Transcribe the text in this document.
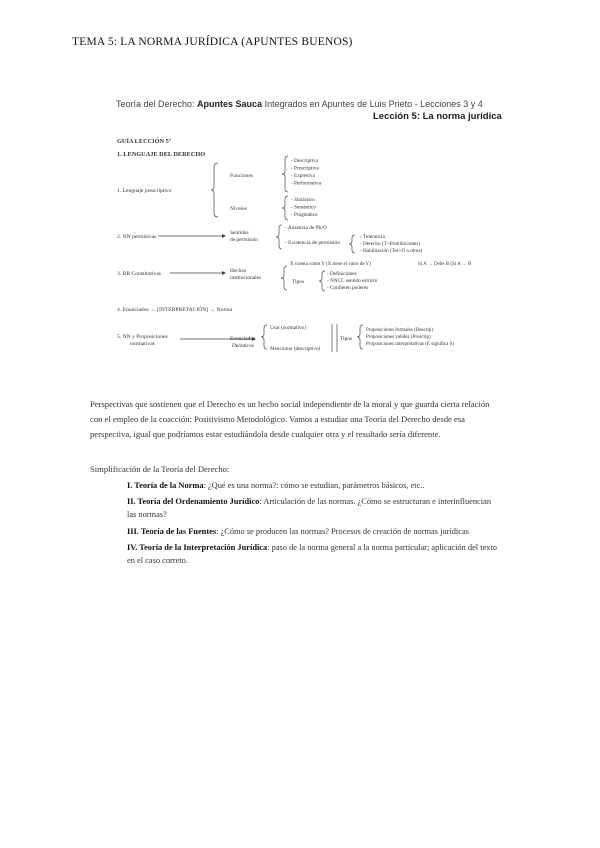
TEMA 5: LA NORMA JURÍDICA (APUNTES BUENOS)
Teoría del Derecho: Apuntes Sauca Integrados en Apuntes de Luis Prieto - Lecciones 3 y 4
Lección 5: La norma jurídica
GUÍA LECCIÓN 5ª
1. LENGUAJE DEL DERECHO
1. Lenguaje prescriptivo
Funciones
- Descriptiva
- Prescriptiva
- Expresiva
- Performativa
Niveles
- Sintáctico
- Semántico
- Pragmático
2. NN permisivas
Sentidos
de permisión
- Ausencia de Ph/O
- Existencia de permisión
- Tolerancia
- Derecho (T+Prohibiciones)
- Habilitación (Tol+O a otros)
3. RR Constitutivas	Hechos
institucionales
X cuenta como Y (X tiene el valor de Y)	Si A → Debe B (Si A → B
Tipos
- Definiciones
- NNCC sentido estricto
- Confieren poderes
4. Enunciados → [INTERPRETACIÓN] → Norma
5. NN y Proposiciones
normativas
Enunciados
Deónticos
Usar (normativo)
Mencionar (descriptivo)
Tipos
Proposiciones formales (Descrip)
Proposiciones validez (Prescrip)
Proposiciones interpretativas (E significa S)
Perspectivas que sostienen que el Derecho es un hecho social independiente de la moral y que guarda cierta relación con el empleo de la coacción: Positivismo Metodológico. Vamos a estudiar una Teoría del Derecho desde esa perspectiva, igual que podríamos estar estudiándola desde cualquier otra y el resultado sería diferente.
Simplificación de la Teoría del Derecho:
I. Teoría de la Norma: ¿Qué es una norma?: cómo se estudian, parámetros básicos, etc..
II. Teoría del Ordenamiento Jurídico: Articulación de las normas. ¿Cómo se estructuran e interinfluencian las normas?
III. Teoría de las Fuentes: ¿Cómo se producen las normas? Procesos de creación de normas jurídicas
IV. Teoría de la Interpretación Jurídica: paso de la norma general a la norma particular; aplicación del texto en el caso correto.
